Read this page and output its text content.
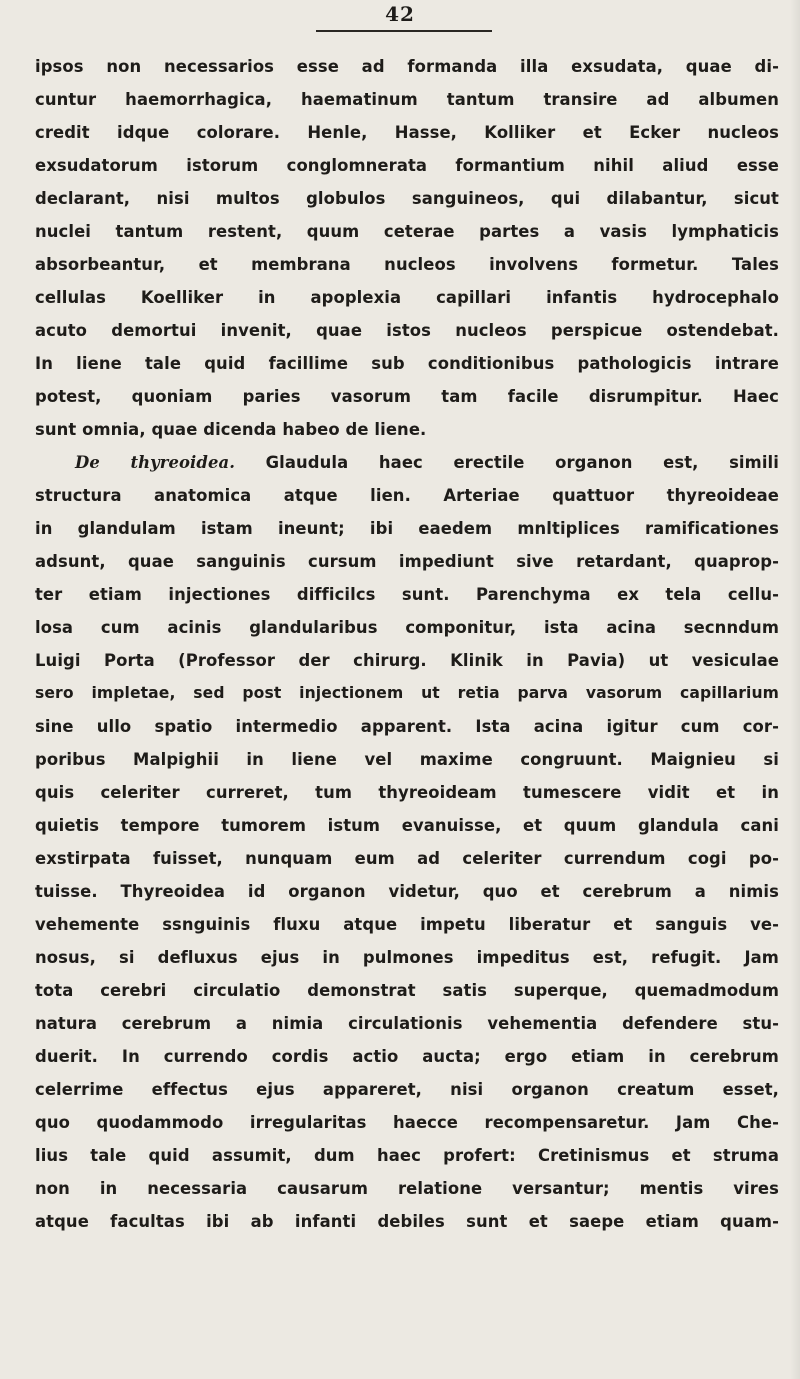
42
ipsos non necessarios esse ad formanda illa exsudata, quae di-
cuntur haemorrhagica, haematinum tantum transire ad albumen
credit idque colorare. Henle, Hasse, Kolliker et Ecker nucleos
exsudatorum istorum conglomnerata formantium nihil aliud esse
declarant, nisi multos globulos sanguineos, qui dilabantur, sicut
nuclei tantum restent, quum ceterae partes a vasis lymphaticis
absorbeantur, et membrana nucleos involvens formetur. Tales
cellulas Koelliker in apoplexia capillari infantis hydrocephalo
acuto demortui invenit, quae istos nucleos perspicue ostendebat.
In liene tale quid facillime sub conditionibus pathologicis intrare
potest, quoniam paries vasorum tam facile disrumpitur. Haec
sunt omnia, quae dicenda habeo de liene.
De thyreoidea. Glaudula haec erectile organon est, simili
structura anatomica atque lien. Arteriae quattuor thyreoideae
in glandulam istam ineunt; ibi eaedem mnltiplices ramificationes
adsunt, quae sanguinis cursum impediunt sive retardant, quaprop-
ter etiam injectiones difficilcs sunt. Parenchyma ex tela cellu-
losa cum acinis glandularibus componitur, ista acina secnndum
Luigi Porta (Professor der chirurg. Klinik in Pavia) ut vesiculae
sero impletae, sed post injectionem ut retia parva vasorum capillarium
sine ullo spatio intermedio apparent. Ista acina igitur cum cor-
poribus Malpighii in liene vel maxime congruunt. Maignieu si
quis celeriter curreret, tum thyreoideam tumescere vidit et in
quietis tempore tumorem istum evanuisse, et quum glandula cani
exstirpata fuisset, nunquam eum ad celeriter currendum cogi po-
tuisse. Thyreoidea id organon videtur, quo et cerebrum a nimis
vehemente ssnguinis fluxu atque impetu liberatur et sanguis ve-
nosus, si defluxus ejus in pulmones impeditus est, refugit. Jam
tota cerebri circulatio demonstrat satis superque, quemadmodum
natura cerebrum a nimia circulationis vehementia defendere stu-
duerit. In currendo cordis actio aucta; ergo etiam in cerebrum
celerrime effectus ejus appareret, nisi organon creatum esset,
quo quodammodo irregularitas haecce recompensaretur. Jam Che-
lius tale quid assumit, dum haec profert: Cretinismus et struma
non in necessaria causarum relatione versantur; mentis vires
atque facultas ibi ab infanti debiles sunt et saepe etiam quam-
